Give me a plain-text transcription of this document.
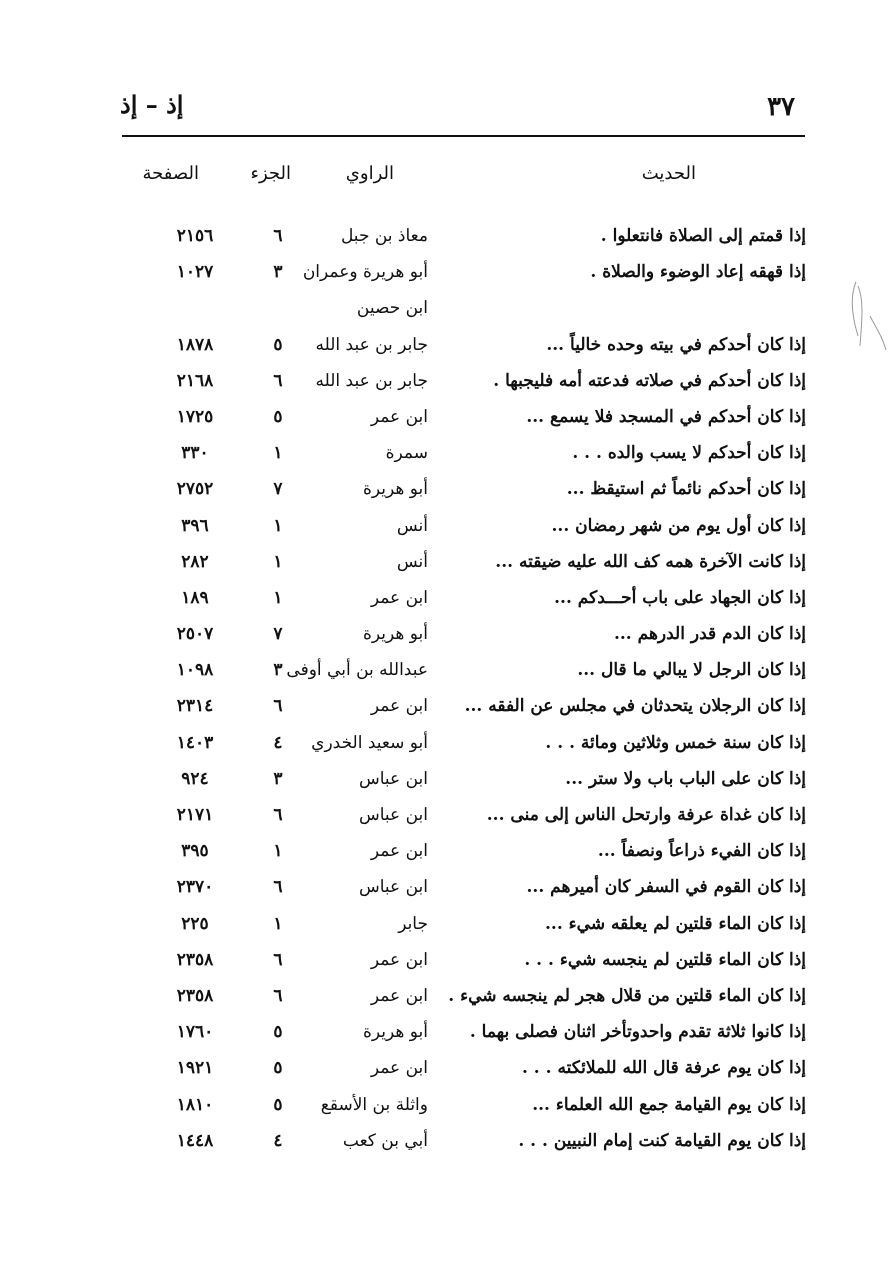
٣٧
إذ – إذ
الحديث
الراوي
الجزء
الصفحة
إذا قمتم إلى الصلاة فانتعلوا .
معاذ بن جبل
٦
٢١٥٦
إذا قهقه إعاد الوضوء والصلاة .
أبو هريرة وعمران
٣
١٠٢٧
ابن حصين
إذا كان أحدكم في بيته وحده خالياً ...
جابر بن عبد الله
٥
١٨٧٨
إذا كان أحدكم في صلاته فدعته أمه فليجبها .
جابر بن عبد الله
٦
٢١٦٨
إذا كان أحدكم في المسجد فلا يسمع ...
ابن عمر
٥
١٧٢٥
إذا كان أحدكم لا يسب والده . . .
سمرة
١
٣٣٠
إذا كان أحدكم نائماً ثم استيقظ ...
أبو هريرة
٧
٢٧٥٢
إذا كان أول يوم من شهر رمضان ...
أنس
١
٣٩٦
إذا كانت الآخرة همه كف الله عليه ضيقته ...
أنس
١
٢٨٢
إذا كان الجهاد على باب أحـــدكم ...
ابن عمر
١
١٨٩
إذا كان الدم قدر الدرهم ...
أبو هريرة
٧
٢٥٠٧
إذا كان الرجل لا يبالي ما قال ...
عبدالله بن أبي أوفى
٣
١٠٩٨
إذا كان الرجلان يتحدثان في مجلس عن الفقه ...
ابن عمر
٦
٢٣١٤
إذا كان سنة خمس وثلاثين ومائة . . .
أبو سعيد الخدري
٤
١٤٠٣
إذا كان على الباب باب ولا ستر ...
ابن عباس
٣
٩٢٤
إذا كان غداة عرفة وارتحل الناس إلى منى ...
ابن عباس
٦
٢١٧١
إذا كان الفيء ذراعاً ونصفاً ...
ابن عمر
١
٣٩٥
إذا كان القوم في السفر كان أميرهم ...
ابن عباس
٦
٢٣٧٠
إذا كان الماء قلتين لم يعلقه شيء ...
جابر
١
٢٢٥
إذا كان الماء قلتين لم ينجسه شيء . . .
ابن عمر
٦
٢٣٥٨
إذا كان الماء قلتين من قلال هجر لم ينجسه شيء .
ابن عمر
٦
٢٣٥٨
إذا كانوا ثلاثة تقدم واحدوتأخر اثنان فصلى بهما .
أبو هريرة
٥
١٧٦٠
إذا كان يوم عرفة قال الله للملائكته . . .
ابن عمر
٥
١٩٢١
إذا كان يوم القيامة جمع الله العلماء ...
واثلة بن الأسقع
٥
١٨١٠
إذا كان يوم القيامة كنت إمام النبيين . . .
أبي بن كعب
٤
١٤٤٨
